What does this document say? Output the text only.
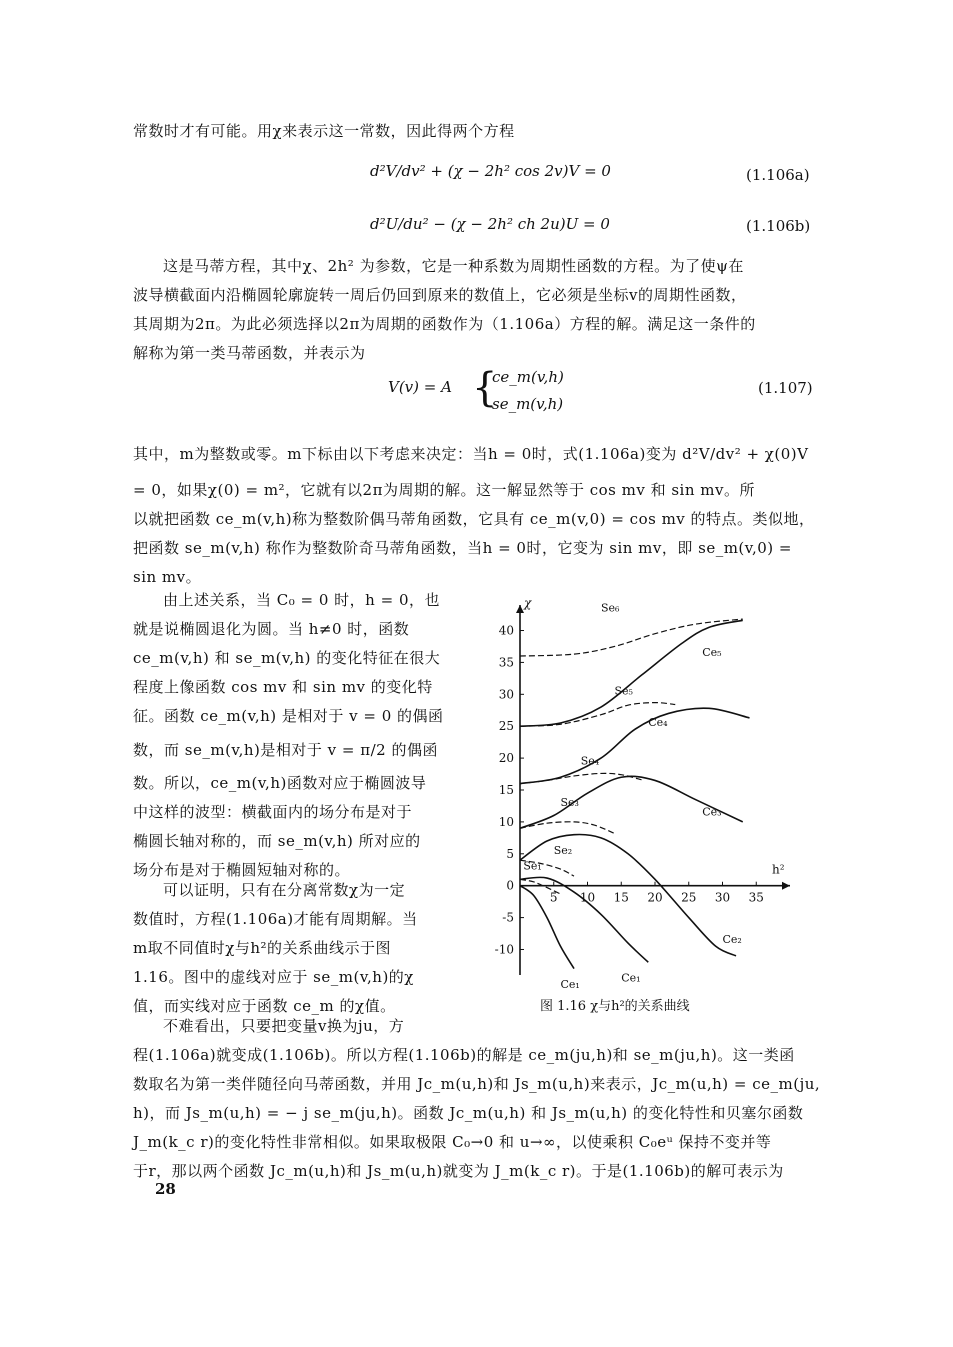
常数时才有可能。用χ来表示这一常数，因此得两个方程
d²V/dv² + (χ − 2h² cos 2v)V = 0	(1.106a)
d²U/du² − (χ − 2h² ch 2u)U = 0	(1.106b)
这是马蒂方程，其中χ、2h² 为参数，它是一种系数为周期性函数的方程。为了使ψ在
波导横截面内沿椭圆轮廓旋转一周后仍回到原来的数值上，它必须是坐标v的周期性函数，
其周期为2π。为此必须选择以2π为周期的函数作为（1.106a）方程的解。满足这一条件的
解称为第一类马蒂函数，并表示为
V(v) = A {
ce_m(v,h)
se_m(v,h)
(1.107)
其中，m为整数或零。m下标由以下考虑来决定：当h = 0时，式(1.106a)变为 d²V/dv² + χ(0)V
= 0，如果χ(0) = m²，它就有以2π为周期的解。这一解显然等于 cos mv 和 sin mv。所
以就把函数 ce_m(v,h)称为整数阶偶马蒂角函数，它具有 ce_m(v,0) = cos mv 的特点。类似地，
把函数 se_m(v,h) 称作为整数阶奇马蒂角函数，当h = 0时，它变为 sin mv，即 se_m(v,0) =
sin mv。
由上述关系，当 C₀ = 0 时，h = 0，也
就是说椭圆退化为圆。当 h≠0 时，函数
ce_m(v,h) 和 se_m(v,h) 的变化特征在很大
程度上像函数 cos mv 和 sin mv 的变化特
征。函数 ce_m(v,h) 是相对于 v = 0 的偶函
数，而 se_m(v,h)是相对于 v = π/2 的偶函
数。所以，ce_m(v,h)函数对应于椭圆波导
中这样的波型：横截面内的场分布是对于
椭圆长轴对称的，而 se_m(v,h) 所对应的
场分布是对于椭圆短轴对称的。
可以证明，只有在分离常数χ为一定
数值时，方程(1.106a)才能有周期解。当
m取不同值时χ与h²的关系曲线示于图
1.16。图中的虚线对应于 se_m(v,h)的χ
值，而实线对应于函数 ce_m 的χ值。
不难看出，只要把变量v换为ju，方
程(1.106a)就变成(1.106b)。所以方程(1.106b)的解是 ce_m(ju,h)和 se_m(ju,h)。这一类函
数取名为第一类伴随径向马蒂函数，并用 Jc_m(u,h)和 Js_m(u,h)来表示，Jc_m(u,h) = ce_m(ju,
h)，而 Js_m(u,h) = − j se_m(ju,h)。函数 Jc_m(u,h) 和 Js_m(u,h) 的变化特性和贝塞尔函数
J_m(k_c r)的变化特性非常相似。如果取极限 C₀→0 和 u→∞，以使乘积 C₀eᵘ 保持不变并等
于r，那以两个函数 Jc_m(u,h)和 Js_m(u,h)就变为 J_m(k_c r)。于是(1.106b)的解可表示为
5 10 15 20 25 30 35
40
35
30
25
20
15
10
5
0
-5
-10
h²
χ	Se₆
Ce₅
Se₅
Ce₄
Se₄
Ce₃
Se₃
Ce₂
Se₂
Ce₁
Se₁
Ce₁
图 1.16 χ与h²的关系曲线
28
